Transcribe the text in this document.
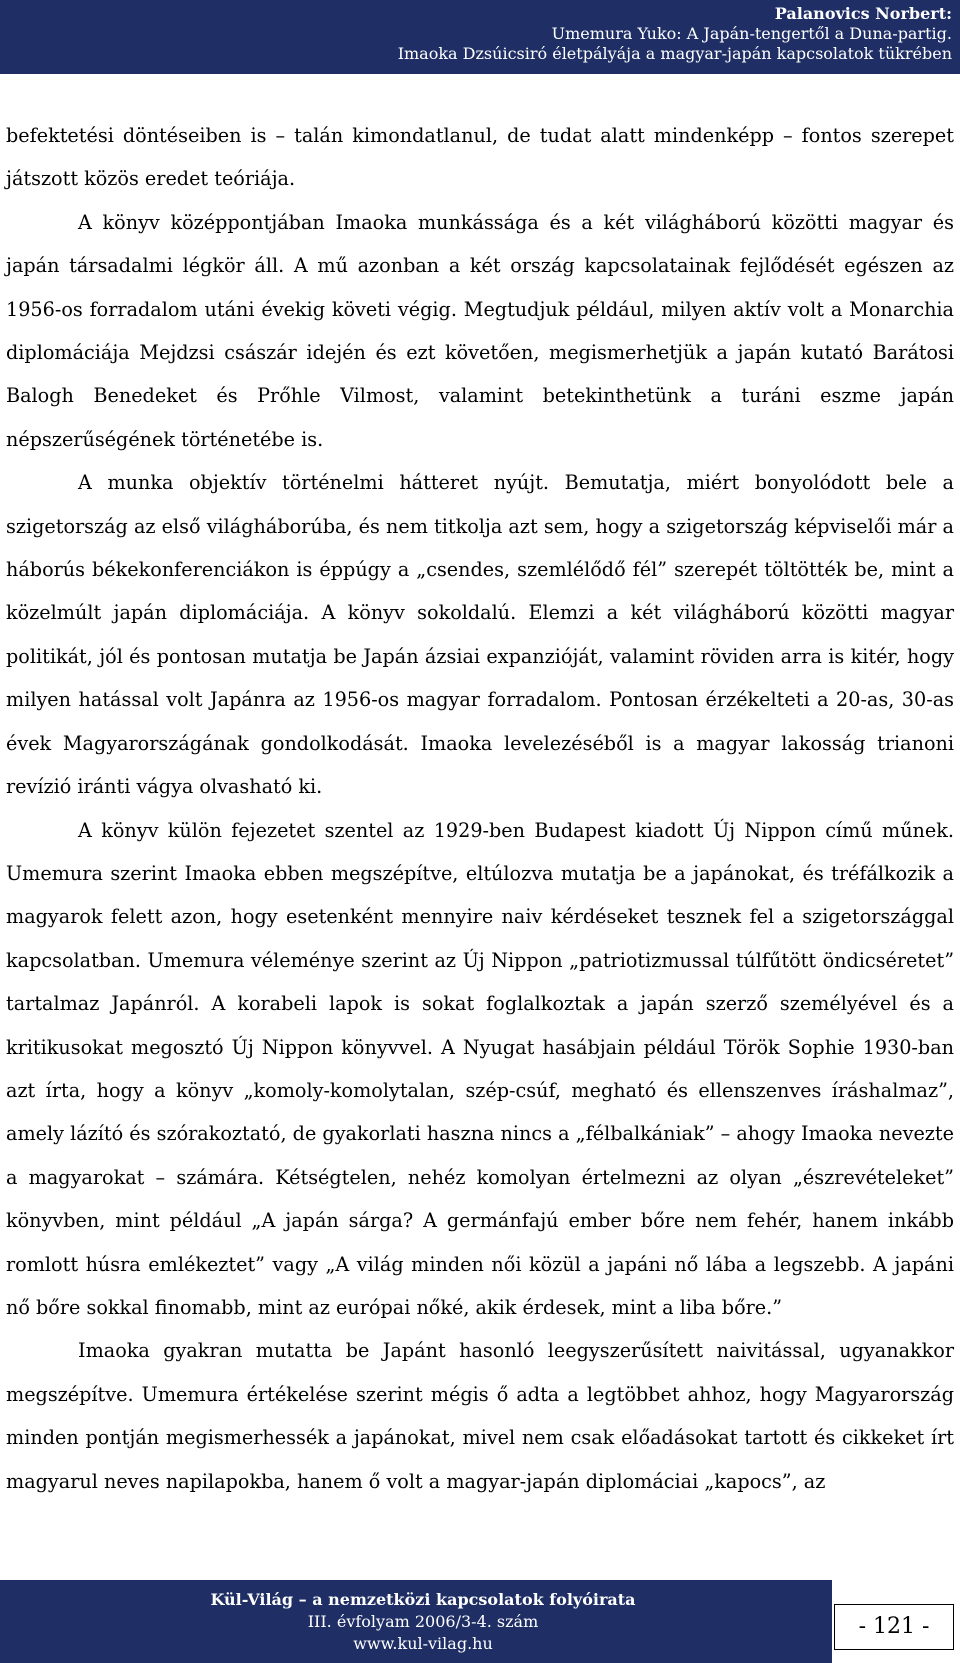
Palanovics Norbert:
Umemura Yuko: A Japán-tengertől a Duna-partig.
Imaoka Dzsúicsiró életpályája a magyar-japán kapcsolatok tükrében

befektetési döntéseiben is – talán kimondatlanul, de tudat alatt mindenképp – fontos szerepet játszott közös eredet teóriája.

A könyv középpontjában Imaoka munkássága és a két világháború közötti magyar és japán társadalmi légkör áll. A mű azonban a két ország kapcsolatainak fejlődését egészen az 1956-os forradalom utáni évekig követi végig. Megtudjuk például, milyen aktív volt a Monarchia diplomáciája Mejdzsi császár idején és ezt követően, megismerhetjük a japán kutató Barátosi Balogh Benedeket és Prőhle Vilmost, valamint betekinthetünk a turáni eszme japán népszerűségének történetébe is.

A munka objektív történelmi hátteret nyújt. Bemutatja, miért bonyolódott bele a szigetország az első világháborúba, és nem titkolja azt sem, hogy a szigetország képviselői már a háborús békekonferenciákon is éppúgy a „csendes, szemlélődő fél” szerepét töltötték be, mint a közelmúlt japán diplomáciája. A könyv sokoldalú. Elemzi a két világháború közötti magyar politikát, jól és pontosan mutatja be Japán ázsiai expanzióját, valamint röviden arra is kitér, hogy milyen hatással volt Japánra az 1956-os magyar forradalom. Pontosan érzékelteti a 20-as, 30-as évek Magyarországának gondolkodását. Imaoka levelezéséből is a magyar lakosság trianoni revízió iránti vágya olvasható ki.

A könyv külön fejezetet szentel az 1929-ben Budapest kiadott Új Nippon című műnek. Umemura szerint Imaoka ebben megszépítve, eltúlozva mutatja be a japánokat, és tréfálkozik a magyarok felett azon, hogy esetenként mennyire naiv kérdéseket tesznek fel a szigetországgal kapcsolatban. Umemura véleménye szerint az Új Nippon „patriotizmussal túlfűtött öndicséretet” tartalmaz Japánról. A korabeli lapok is sokat foglalkoztak a japán szerző személyével és a kritikusokat megosztó Új Nippon könyvvel. A Nyugat hasábjain például Török Sophie 1930-ban azt írta, hogy a könyv „komoly-komolytalan, szép-csúf, megható és ellenszenves íráshalmaz”, amely lázító és szórakoztató, de gyakorlati haszna nincs a „félbalkániak” – ahogy Imaoka nevezte a magyarokat – számára. Kétségtelen, nehéz komolyan értelmezni az olyan „észrevételeket” könyvben, mint például „A japán sárga? A germánfajú ember bőre nem fehér, hanem inkább romlott húsra emlékeztet” vagy „A világ minden női közül a japáni nő lába a legszebb. A japáni nő bőre sokkal finomabb, mint az európai nőké, akik érdesek, mint a liba bőre.”

Imaoka gyakran mutatta be Japánt hasonló leegyszerűsített naivitással, ugyanakkor megszépítve. Umemura értékelése szerint mégis ő adta a legtöbbet ahhoz, hogy Magyarország minden pontján megismerhessék a japánokat, mivel nem csak előadásokat tartott és cikkeket írt magyarul neves napilapokba, hanem ő volt a magyar-japán diplomáciai „kapocs”, az

Kül-Világ – a nemzetközi kapcsolatok folyóirata
III. évfolyam 2006/3-4. szám
www.kul-vilag.hu
- 121 -
